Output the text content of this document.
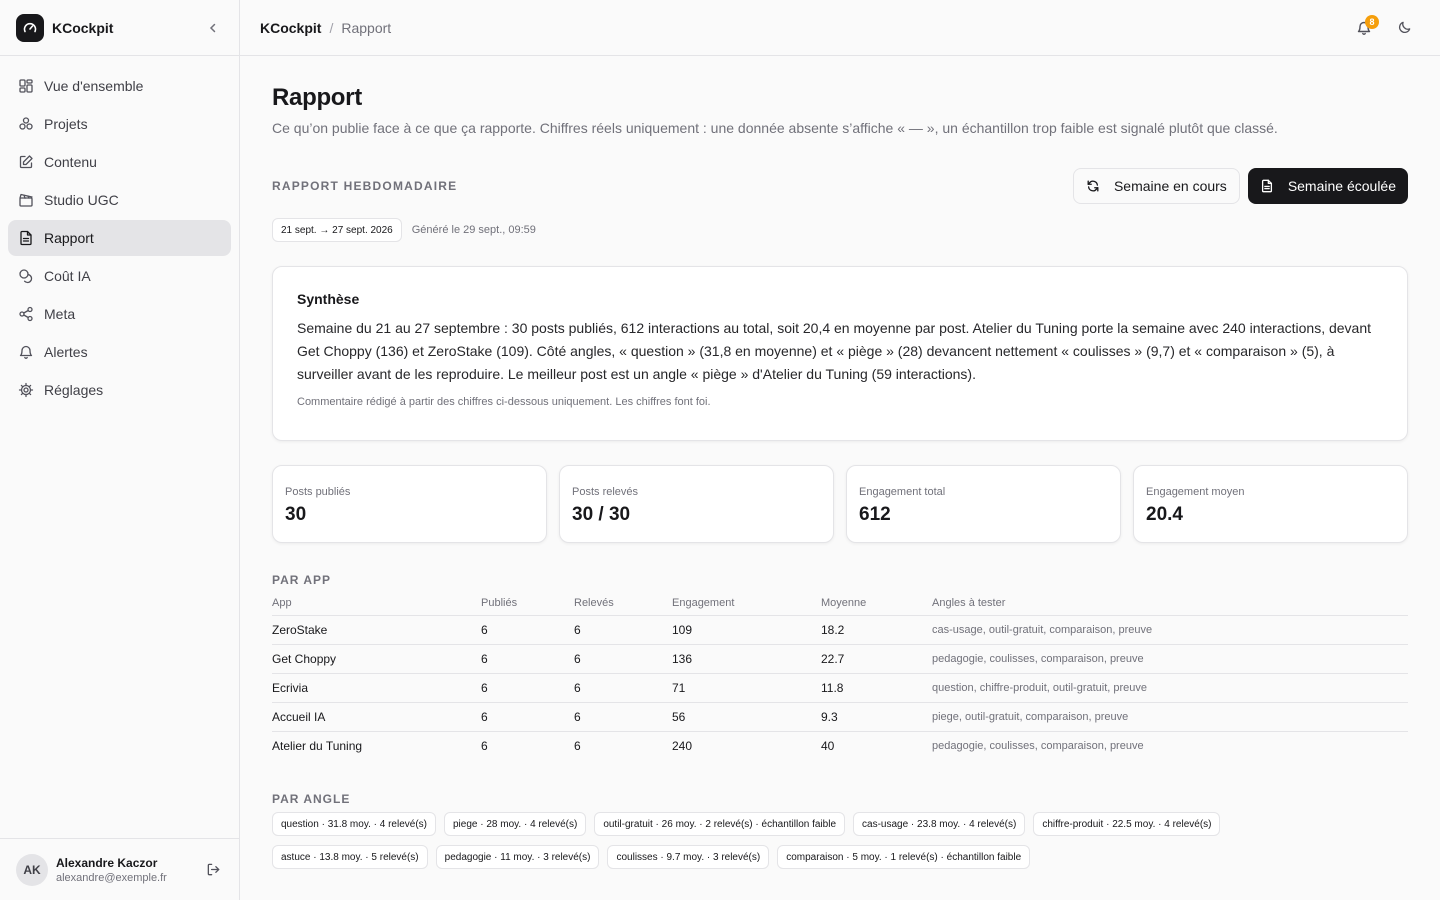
KCockpit
Vue d'ensemble
Projets
Contenu
Studio UGC
Rapport
Coût IA
Meta
Alertes
Réglages
AK	Alexandre Kaczor
alexandre@exemple.fr
KCockpit / Rapport	8
Rapport

Ce qu’on publie face à ce que ça rapporte. Chiffres réels uniquement : une donnée absente s’affiche « — », un échantillon trop faible est signalé plutôt que classé.

RAPPORT HEBDOMADAIRE	Semaine en cours	Semaine écoulée
21 sept. → 27 sept. 2026	Généré le 29 sept., 09:59
Synthèse

Semaine du 21 au 27 septembre : 30 posts publiés, 612 interactions au total, soit 20,4 en moyenne par post. Atelier du Tuning porte la semaine avec 240 interactions, devant Get Choppy (136) et ZeroStake (109). Côté angles, « question » (31,8 en moyenne) et « piège » (28) devancent nettement « coulisses » (9,7) et « comparaison » (5), à surveiller avant de les reproduire. Le meilleur post est un angle « piège » d'Atelier du Tuning (59 interactions).

Commentaire rédigé à partir des chiffres ci-dessous uniquement. Les chiffres font foi.

Posts publiés
30
Posts relevés
30 / 30
Engagement total
612
Engagement moyen
20.4
PAR APP
App	Publiés	Relevés	Engagement	Moyenne	Angles à tester
ZeroStake	6	6	109	18.2	cas-usage, outil-gratuit, comparaison, preuve
Get Choppy	6	6	136	22.7	pedagogie, coulisses, comparaison, preuve
Ecrivia	6	6	71	11.8	question, chiffre-produit, outil-gratuit, preuve
Accueil IA	6	6	56	9.3	piege, outil-gratuit, comparaison, preuve
Atelier du Tuning	6	6	240	40	pedagogie, coulisses, comparaison, preuve
PAR ANGLE
question · 31.8 moy. · 4 relevé(s)	piege · 28 moy. · 4 relevé(s)	outil-gratuit · 26 moy. · 2 relevé(s) · échantillon faible	cas-usage · 23.8 moy. · 4 relevé(s)	chiffre-produit · 22.5 moy. · 4 relevé(s)
astuce · 13.8 moy. · 5 relevé(s)	pedagogie · 11 moy. · 3 relevé(s)	coulisses · 9.7 moy. · 3 relevé(s)	comparaison · 5 moy. · 1 relevé(s) · échantillon faible
